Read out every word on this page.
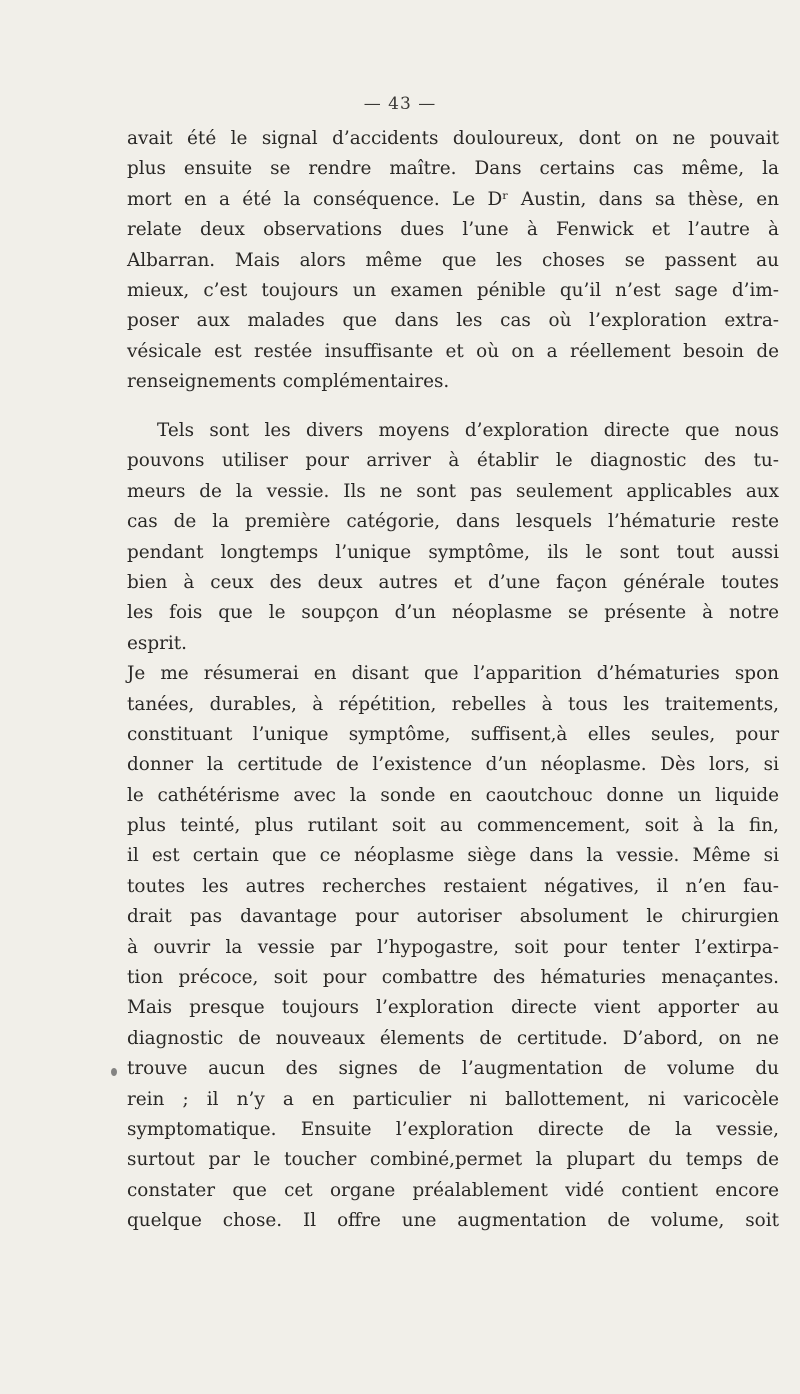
— 43 —
avait été le signal d’accidents douloureux, dont on ne pouvait
plus ensuite se rendre maître. Dans certains cas même, la
mort en a été la conséquence. Le Dʳ Austin, dans sa thèse, en
relate deux observations dues l’une à Fenwick et l’autre à
Albarran. Mais alors même que les choses se passent au
mieux, c’est toujours un examen pénible qu’il n’est sage d’im-
poser aux malades que dans les cas où l’exploration extra-
vésicale est restée insuffisante et où on a réellement besoin de
renseignements complémentaires.
Tels sont les divers moyens d’exploration directe que nous
pouvons utiliser pour arriver à établir le diagnostic des tu-
meurs de la vessie. Ils ne sont pas seulement applicables aux
cas de la première catégorie, dans lesquels l’hématurie reste
pendant longtemps l’unique symptôme, ils le sont tout aussi
bien à ceux des deux autres et d’une façon générale toutes
les fois que le soupçon d’un néoplasme se présente à notre
esprit.
Je me résumerai en disant que l’apparition d’hématuries spon
tanées, durables, à répétition, rebelles à tous les traitements,
constituant l’unique symptôme, suffisent,à elles seules, pour
donner la certitude de l’existence d’un néoplasme. Dès lors, si
le cathétérisme avec la sonde en caoutchouc donne un liquide
plus teinté, plus rutilant soit au commencement, soit à la fin,
il est certain que ce néoplasme siège dans la vessie. Même si
toutes les autres recherches restaient négatives, il n’en fau-
drait pas davantage pour autoriser absolument le chirurgien
à ouvrir la vessie par l’hypogastre, soit pour tenter l’extirpa-
tion précoce, soit pour combattre des hématuries menaçantes.
Mais presque toujours l’exploration directe vient apporter au
diagnostic de nouveaux élements de certitude. D’abord, on ne
trouve aucun des signes de l’augmentation de volume du
rein ; il n’y a en particulier ni ballottement, ni varicocèle
symptomatique. Ensuite l’exploration directe de la vessie,
surtout par le toucher combiné,permet la plupart du temps de
constater que cet organe préalablement vidé contient encore
quelque chose. Il offre une augmentation de volume, soit
